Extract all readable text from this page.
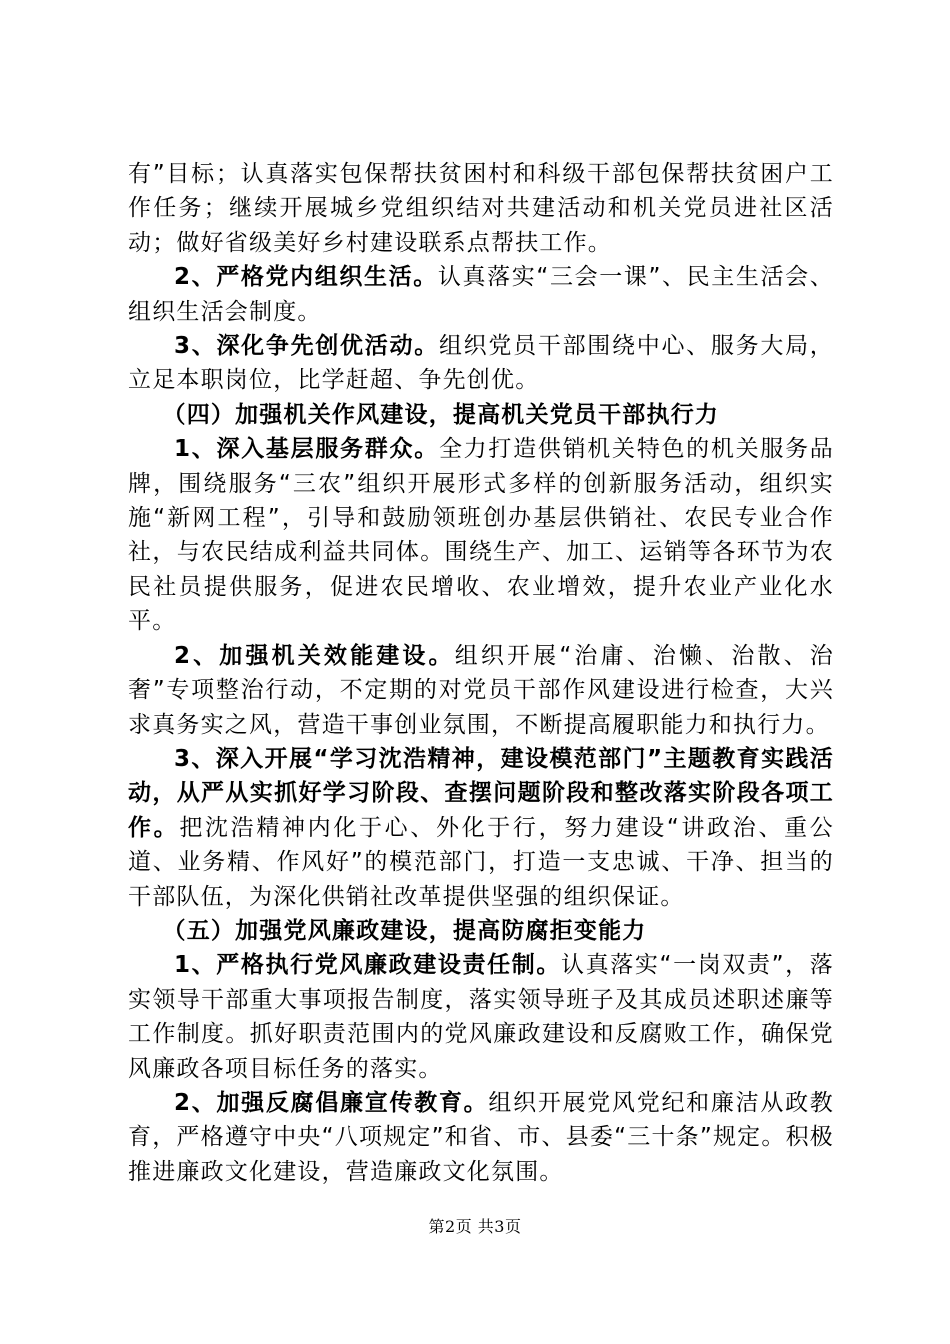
有”目标；认真落实包保帮扶贫困村和科级干部包保帮扶贫困户工作任务；继续开展城乡党组织结对共建活动和机关党员进社区活动；做好省级美好乡村建设联系点帮扶工作。

2、严格党内组织生活。认真落实“三会一课”、民主生活会、组织生活会制度。

3、深化争先创优活动。组织党员干部围绕中心、服务大局，立足本职岗位，比学赶超、争先创优。

（四）加强机关作风建设，提高机关党员干部执行力

1、深入基层服务群众。全力打造供销机关特色的机关服务品牌，围绕服务“三农”组织开展形式多样的创新服务活动，组织实施“新网工程”，引导和鼓励领班创办基层供销社、农民专业合作社，与农民结成利益共同体。围绕生产、加工、运销等各环节为农民社员提供服务，促进农民增收、农业增效，提升农业产业化水平。

2、加强机关效能建设。组织开展“治庸、治懒、治散、治奢”专项整治行动，不定期的对党员干部作风建设进行检查，大兴求真务实之风，营造干事创业氛围，不断提高履职能力和执行力。

3、深入开展“学习沈浩精神，建设模范部门”主题教育实践活动，从严从实抓好学习阶段、查摆问题阶段和整改落实阶段各项工作。把沈浩精神内化于心、外化于行，努力建设“讲政治、重公道、业务精、作风好”的模范部门，打造一支忠诚、干净、担当的干部队伍，为深化供销社改革提供坚强的组织保证。

（五）加强党风廉政建设，提高防腐拒变能力

1、严格执行党风廉政建设责任制。认真落实“一岗双责”，落实领导干部重大事项报告制度，落实领导班子及其成员述职述廉等工作制度。抓好职责范围内的党风廉政建设和反腐败工作，确保党风廉政各项目标任务的落实。

2、加强反腐倡廉宣传教育。组织开展党风党纪和廉洁从政教育，严格遵守中央“八项规定”和省、市、县委“三十条”规定。积极推进廉政文化建设，营造廉政文化氛围。

第2页 共3页
